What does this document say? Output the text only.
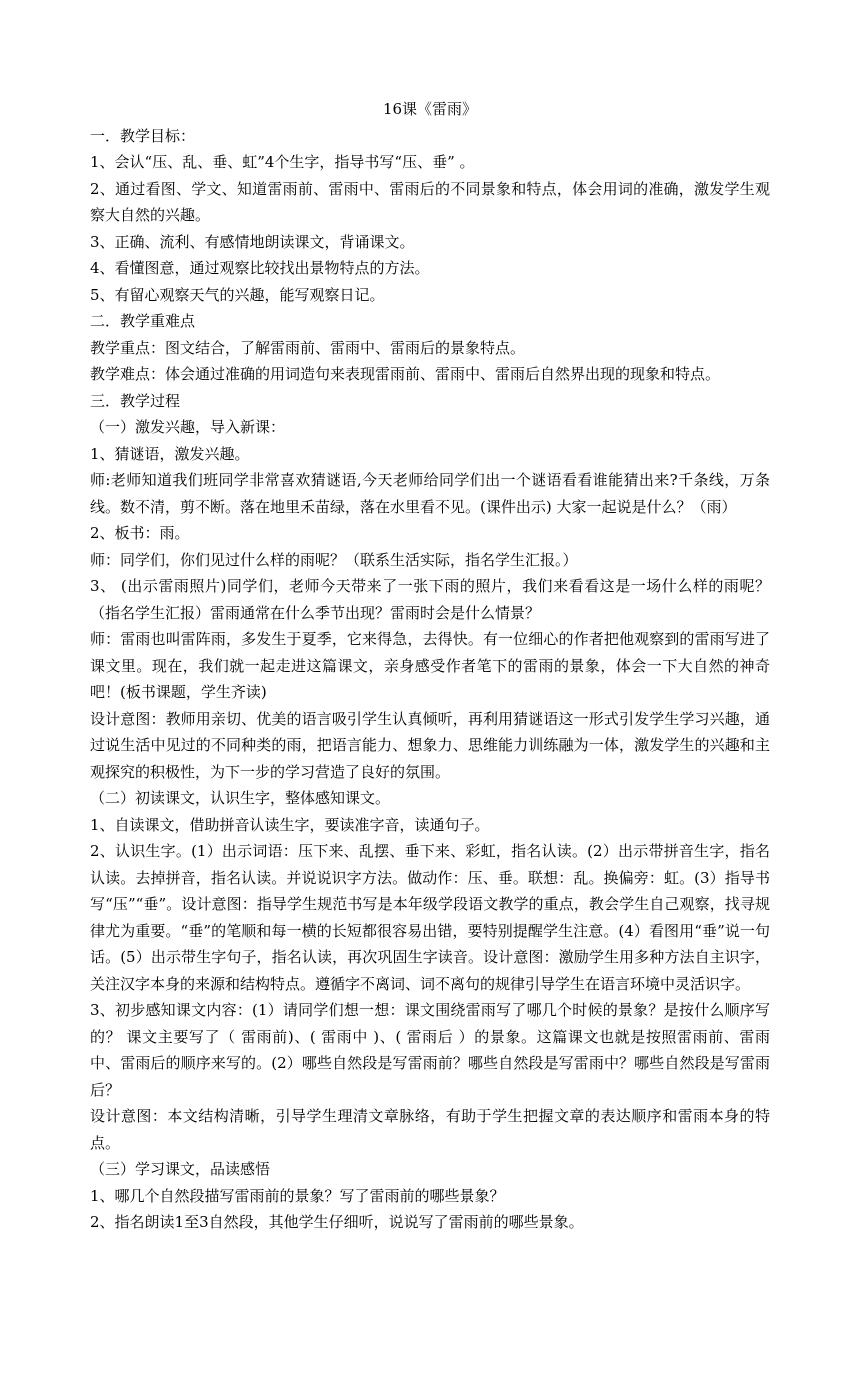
16课《雷雨》

一．教学目标：

1、会认“压、乱、垂、虹”4个生字，指导书写“压、垂” 。

2、通过看图、学文、知道雷雨前、雷雨中、雷雨后的不同景象和特点，体会用词的准确，激发学生观察大自然的兴趣。

3、正确、流利、有感情地朗读课文，背诵课文。

4、看懂图意，通过观察比较找出景物特点的方法。

5、有留心观察天气的兴趣，能写观察日记。

二．教学重难点

教学重点：图文结合，了解雷雨前、雷雨中、雷雨后的景象特点。

教学难点：体会通过准确的用词造句来表现雷雨前、雷雨中、雷雨后自然界出现的现象和特点。

三．教学过程

（一）激发兴趣，导入新课：

1、猜谜语，激发兴趣。

师:老师知道我们班同学非常喜欢猜谜语,今天老师给同学们出一个谜语看看谁能猜出来?千条线，万条线。数不清，剪不断。落在地里禾苗绿，落在水里看不见。(课件出示) 大家一起说是什么？（雨）

2、板书：雨。

师：同学们，你们见过什么样的雨呢？（联系生活实际，指名学生汇报。）

3、 (出示雷雨照片)同学们，老师今天带来了一张下雨的照片，我们来看看这是一场什么样的雨呢？（指名学生汇报）雷雨通常在什么季节出现？雷雨时会是什么情景？

师：雷雨也叫雷阵雨，多发生于夏季，它来得急，去得快。有一位细心的作者把他观察到的雷雨写进了课文里。现在，我们就一起走进这篇课文，亲身感受作者笔下的雷雨的景象，体会一下大自然的神奇吧！(板书课题，学生齐读)

设计意图：教师用亲切、优美的语言吸引学生认真倾听，再利用猜谜语这一形式引发学生学习兴趣，通过说生活中见过的不同种类的雨，把语言能力、想象力、思维能力训练融为一体，激发学生的兴趣和主观探究的积极性，为下一步的学习营造了良好的氛围。

（二）初读课文，认识生字，整体感知课文。

1、自读课文，借助拼音认读生字，要读准字音，读通句子。

2、认识生字。(1）出示词语：压下来、乱摆、垂下来、彩虹，指名认读。(2）出示带拼音生字，指名认读。去掉拼音，指名认读。并说说识字方法。做动作：压、垂。联想：乱。换偏旁：虹。(3）指导书写“压”“垂”。设计意图：指导学生规范书写是本年级学段语文教学的重点，教会学生自己观察，找寻规律尤为重要。“垂”的笔顺和每一横的长短都很容易出错，要特别提醒学生注意。(4）看图用“垂”说一句话。(5）出示带生字句子，指名认读，再次巩固生字读音。设计意图：激励学生用多种方法自主识字，关注汉字本身的来源和结构特点。遵循字不离词、词不离句的规律引导学生在语言环境中灵活识字。

3、初步感知课文内容：(1）请同学们想一想：课文围绕雷雨写了哪几个时候的景象？是按什么顺序写的？ 课文主要写了（ 雷雨前)、( 雷雨中 )、( 雷雨后 ）的景象。这篇课文也就是按照雷雨前、雷雨中、雷雨后的顺序来写的。(2）哪些自然段是写雷雨前？哪些自然段是写雷雨中？哪些自然段是写雷雨后？

设计意图：本文结构清晰，引导学生理清文章脉络，有助于学生把握文章的表达顺序和雷雨本身的特点。

（三）学习课文，品读感悟

1、哪几个自然段描写雷雨前的景象？写了雷雨前的哪些景象？

2、指名朗读1至3自然段，其他学生仔细听，说说写了雷雨前的哪些景象。
